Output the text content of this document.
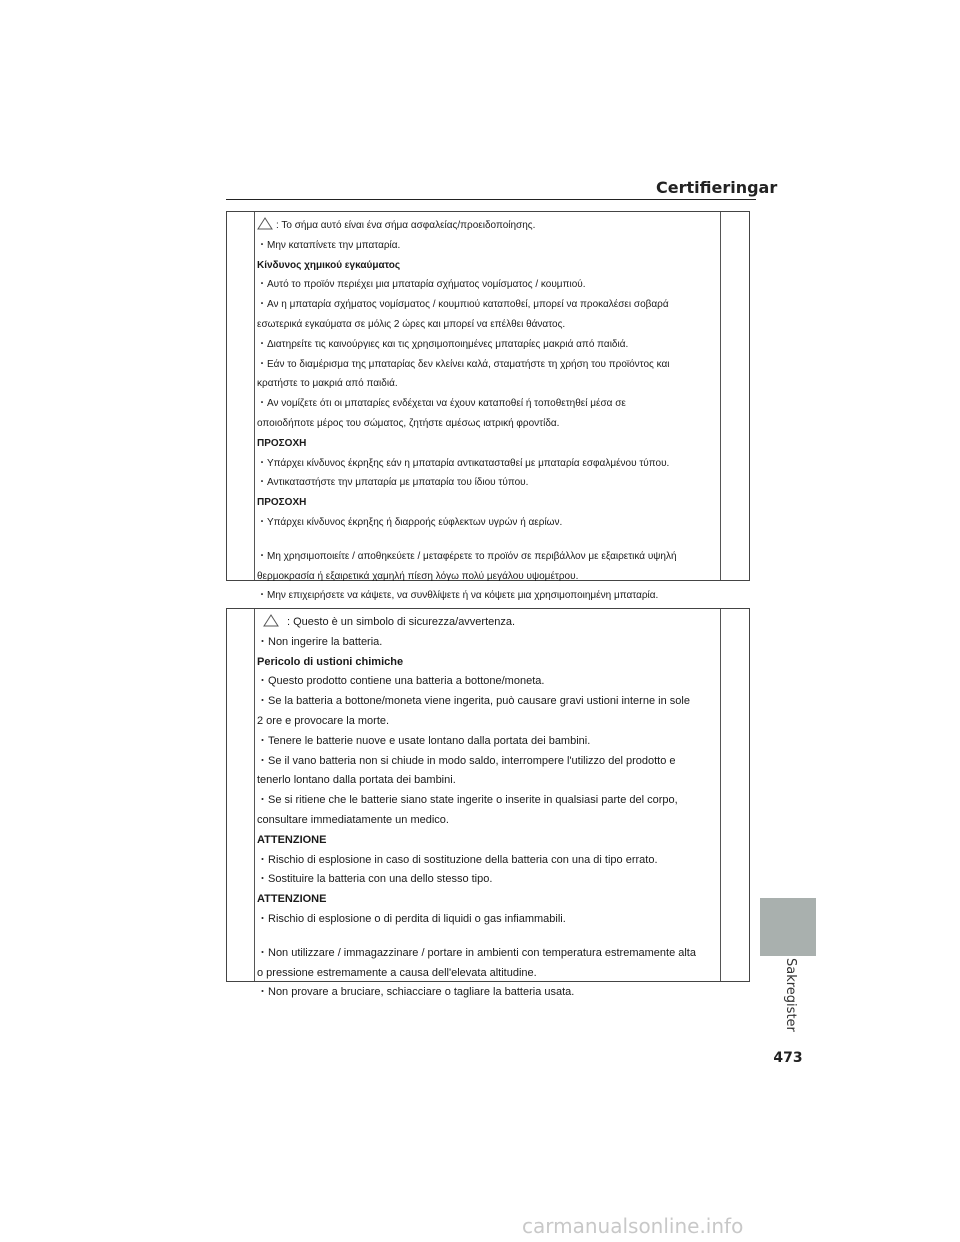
Certifieringar
: Το σήμα αυτό είναι ένα σήμα ασφαλείας/προειδοποίησης.
・Μην καταπίνετε την μπαταρία.
Κίνδυνος χημικού εγκαύματος
・Αυτό το προϊόν περιέχει μια μπαταρία σχήματος νομίσματος / κουμπιού.
・Αν η μπαταρία σχήματος νομίσματος / κουμπιού καταποθεί, μπορεί να προκαλέσει σοβαρά
εσωτερικά εγκαύματα σε μόλις 2 ώρες και μπορεί να επέλθει θάνατος.
・Διατηρείτε τις καινούργιες και τις χρησιμοποιημένες μπαταρίες μακριά από παιδιά.
・Εάν το διαμέρισμα της μπαταρίας δεν κλείνει καλά, σταματήστε τη χρήση του προϊόντος και
κρατήστε το μακριά από παιδιά.
・Αν νομίζετε ότι οι μπαταρίες ενδέχεται να έχουν καταποθεί ή τοποθετηθεί μέσα σε
οποιοδήποτε μέρος του σώματος, ζητήστε αμέσως ιατρική φροντίδα.
ΠΡΟΣΟΧΗ
・Υπάρχει κίνδυνος έκρηξης εάν η μπαταρία αντικατασταθεί με μπαταρία εσφαλμένου τύπου.
・Αντικαταστήστε την μπαταρία με μπαταρία του ίδιου τύπου.
ΠΡΟΣΟΧΗ
・Υπάρχει κίνδυνος έκρηξης ή διαρροής εύφλεκτων υγρών ή αερίων.
・Μη χρησιμοποιείτε / αποθηκεύετε / μεταφέρετε το προϊόν σε περιβάλλον με εξαιρετικά υψηλή
θερμοκρασία ή εξαιρετικά χαμηλή πίεση λόγω πολύ μεγάλου υψομέτρου.
・Μην επιχειρήσετε να κάψετε, να συνθλίψετε ή να κόψετε μια χρησιμοποιημένη μπαταρία.
: Questo è un simbolo di sicurezza/avvertenza.
・Non ingerire la batteria.
Pericolo di ustioni chimiche
・Questo prodotto contiene una batteria a bottone/moneta.
・Se la batteria a bottone/moneta viene ingerita, può causare gravi ustioni interne in sole
2 ore e provocare la morte.
・Tenere le batterie nuove e usate lontano dalla portata dei bambini.
・Se il vano batteria non si chiude in modo saldo, interrompere l'utilizzo del prodotto e
tenerlo lontano dalla portata dei bambini.
・Se si ritiene che le batterie siano state ingerite o inserite in qualsiasi parte del corpo,
consultare immediatamente un medico.
ATTENZIONE
・Rischio di esplosione in caso di sostituzione della batteria con una di tipo errato.
・Sostituire la batteria con una dello stesso tipo.
ATTENZIONE
・Rischio di esplosione o di perdita di liquidi o gas infiammabili.
・Non utilizzare / immagazzinare / portare in ambienti con temperatura estremamente alta
o pressione estremamente a causa dell'elevata altitudine.
・Non provare a bruciare, schiacciare o tagliare la batteria usata.	Sakregister
473
carmanualsonline.info
